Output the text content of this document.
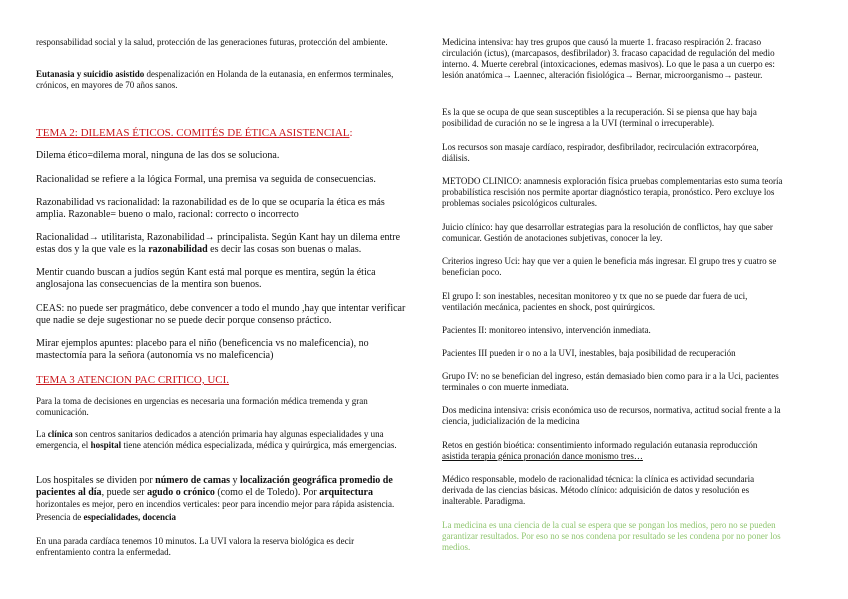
responsabilidad social y la salud, protección de las generaciones futuras, protección del ambiente.

Eutanasia y suicidio asistido despenalización en Holanda de la eutanasia, en enfermos terminales, crónicos, en mayores de 70 años sanos.

TEMA 2: DILEMAS ÉTICOS. COMITÉS DE ÉTICA ASISTENCIAL:

Dilema ético=dilema moral, ninguna de las dos se soluciona.

Racionalidad se refiere a la lógica Formal, una premisa va seguida de consecuencias.

Razonabilidad vs racionalidad: la razonabilidad es de lo que se ocuparía la ética es más amplia. Razonable= bueno o malo, racional: correcto o incorrecto

Racionalidad→ utilitarista, Razonabilidad→ principalista. Según Kant hay un dilema entre estas dos y la que vale es la razonabilidad es decir las cosas son buenas o malas.

Mentir cuando buscan a judíos según Kant está mal porque es mentira, según la ética anglosajona las consecuencias de la mentira son buenos.

CEAS: no puede ser pragmático, debe convencer a todo el mundo ,hay que intentar verificar que nadie se deje sugestionar no se puede decir porque consenso práctico.

Mirar ejemplos apuntes: placebo para el niño (beneficencia vs no maleficencia), no mastectomía para la señora (autonomía vs no maleficencia)

TEMA 3 ATENCION PAC CRITICO, UCI.

Para la toma de decisiones en urgencias es necesaria una formación médica tremenda y gran comunicación.

La clínica son centros sanitarios dedicados a atención primaria hay algunas especialidades y una emergencia, el hospital tiene atención médica especializada, médica y quirúrgica, más emergencias.

Los hospitales se dividen por número de camas y localización geográfica promedio de pacientes al día, puede ser agudo o crónico (como el de Toledo). Por arquitectura horizontales es mejor, pero en incendios verticales: peor para incendio mejor para rápida asistencia. Presencia de especialidades, docencia

En una parada cardíaca tenemos 10 minutos. La UVI valora la reserva biológica es decir enfrentamiento contra la enfermedad.

Medicina intensiva: hay tres grupos que causó la muerte 1. fracaso respiración 2. fracaso circulación (ictus), (marcapasos, desfibrilador) 3. fracaso capacidad de regulación del medio interno. 4. Muerte cerebral (intoxicaciones, edemas masivos). Lo que le pasa a un cuerpo es: lesión anatómica→ Laennec, alteración fisiológica→ Bernar, microorganismo→ pasteur.

Es la que se ocupa de que sean susceptibles a la recuperación. Si se piensa que hay baja posibilidad de curación no se le ingresa a la UVI (terminal o irrecuperable).

Los recursos son masaje cardíaco, respirador, desfibrilador, recirculación extracorpórea, diálisis.

METODO CLINICO: anamnesis exploración física pruebas complementarias esto suma teoría probabilística rescisión nos permite aportar diagnóstico terapia, pronóstico. Pero excluye los problemas sociales psicológicos culturales.

Juicio clínico: hay que desarrollar estrategias para la resolución de conflictos, hay que saber comunicar. Gestión de anotaciones subjetivas, conocer la ley.

Criterios ingreso Uci: hay que ver a quien le beneficia más ingresar. El grupo tres y cuatro se benefician poco.

El grupo I: son inestables, necesitan monitoreo y tx que no se puede dar fuera de uci, ventilación mecánica, pacientes en shock, post quirúrgicos.

Pacientes II: monitoreo intensivo, intervención inmediata.

Pacientes III pueden ir o no a la UVI, inestables, baja posibilidad de recuperación

Grupo IV: no se benefician del ingreso, están demasiado bien como para ir a la Uci, pacientes terminales o con muerte inmediata.

Dos medicina intensiva: crisis económica uso de recursos, normativa, actitud social frente a la ciencia, judicialización de la medicina

Retos en gestión bioética: consentimiento informado regulación eutanasia reproducción
asistida terapia génica pronación dance monismo tres…

Médico responsable, modelo de racionalidad técnica: la clínica es actividad secundaria derivada de las ciencias básicas. Método clínico: adquisición de datos y resolución es inalterable. Paradigma.

La medicina es una ciencia de la cual se espera que se pongan los medios, pero no se pueden garantizar resultados. Por eso no se nos condena por resultado se les condena por no poner los medios.
